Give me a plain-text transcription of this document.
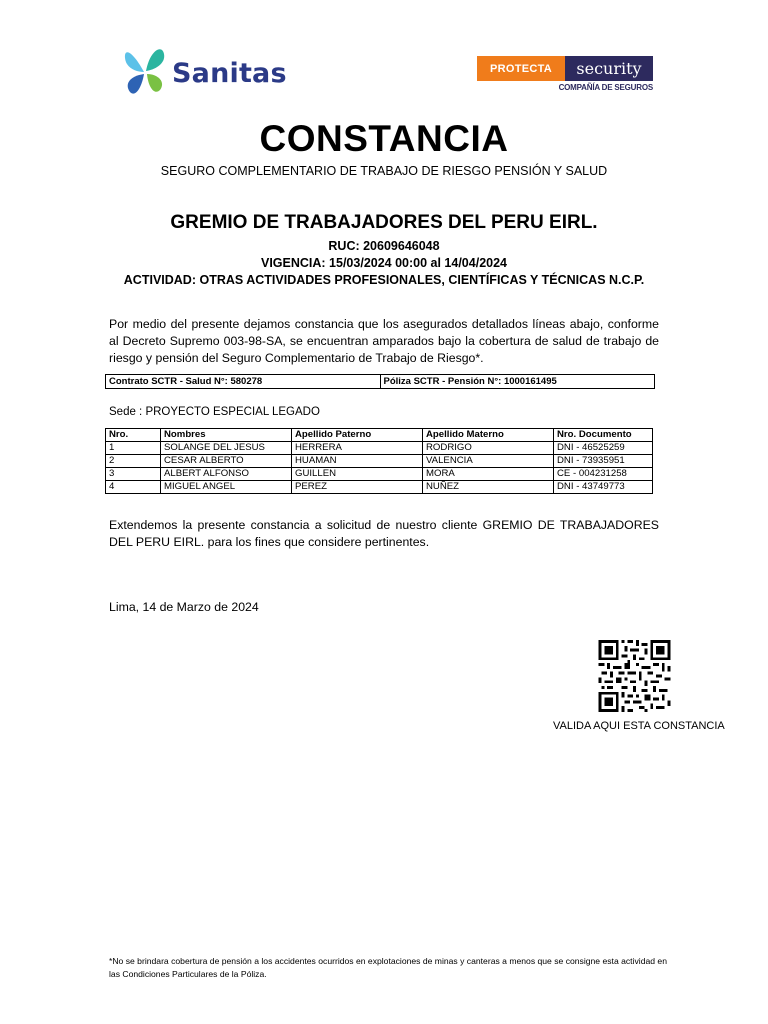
Sanitas	PROTECTA	security
COMPAÑÍA DE SEGUROS
CONSTANCIA
SEGURO COMPLEMENTARIO DE TRABAJO DE RIESGO PENSIÓN Y SALUD
GREMIO DE TRABAJADORES DEL PERU EIRL.
RUC: 20609646048
VIGENCIA: 15/03/2024 00:00 al 14/04/2024
ACTIVIDAD: OTRAS ACTIVIDADES PROFESIONALES, CIENTÍFICAS Y TÉCNICAS N.C.P.
Por medio del presente dejamos constancia que los asegurados detallados líneas abajo, conforme al Decreto Supremo 003-98-SA, se encuentran amparados bajo la cobertura de salud de trabajo de riesgo y pensión del Seguro Complementario de Trabajo de Riesgo*.
Contrato SCTR - Salud N°: 580278	Póliza SCTR - Pensión N°: 1000161495
Sede : PROYECTO ESPECIAL LEGADO
Nro.	Nombres	Apellido Paterno	Apellido Materno	Nro. Documento
1	SOLANGE DEL JESUS	HERRERA	RODRIGO	DNI - 46525259
2	CESAR ALBERTO	HUAMAN	VALENCIA	DNI - 73935951
3	ALBERT ALFONSO	GUILLEN	MORA	CE - 004231258
4	MIGUEL ANGEL	PEREZ	NUÑEZ	DNI - 43749773
Extendemos la presente constancia a solicitud de nuestro cliente GREMIO DE TRABAJADORES DEL PERU EIRL. para los fines que considere pertinentes.
Lima, 14 de Marzo de 2024
VALIDA AQUI ESTA CONSTANCIA
*No se brindara cobertura de pensión a los accidentes ocurridos en explotaciones de minas y canteras a menos que se consigne esta actividad en las Condiciones Particulares de la Póliza.
